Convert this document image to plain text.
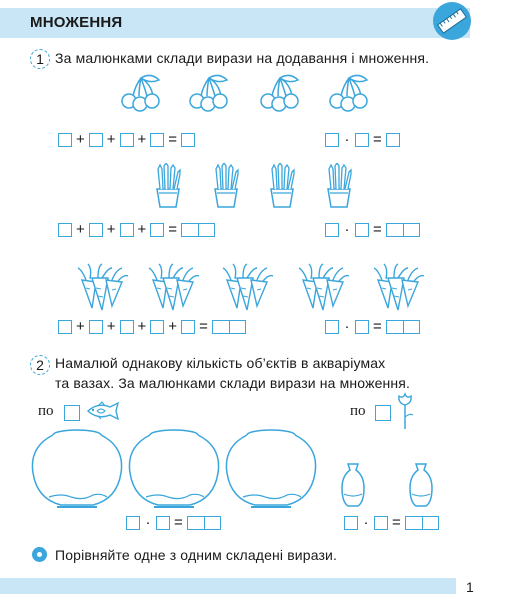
МНОЖЕННЯ
1 За малюнками склади вирази на додавання і множення.
+ + + =	· =
+ + + =	· =
+ + + + =	· =
2 Намалюй однакову кількість об’єктів в акваріумах
та вазах. За малюнками склади вирази на множення.
по	по
· =	· =
Порівняйте одне з одним складені вирази.
1
